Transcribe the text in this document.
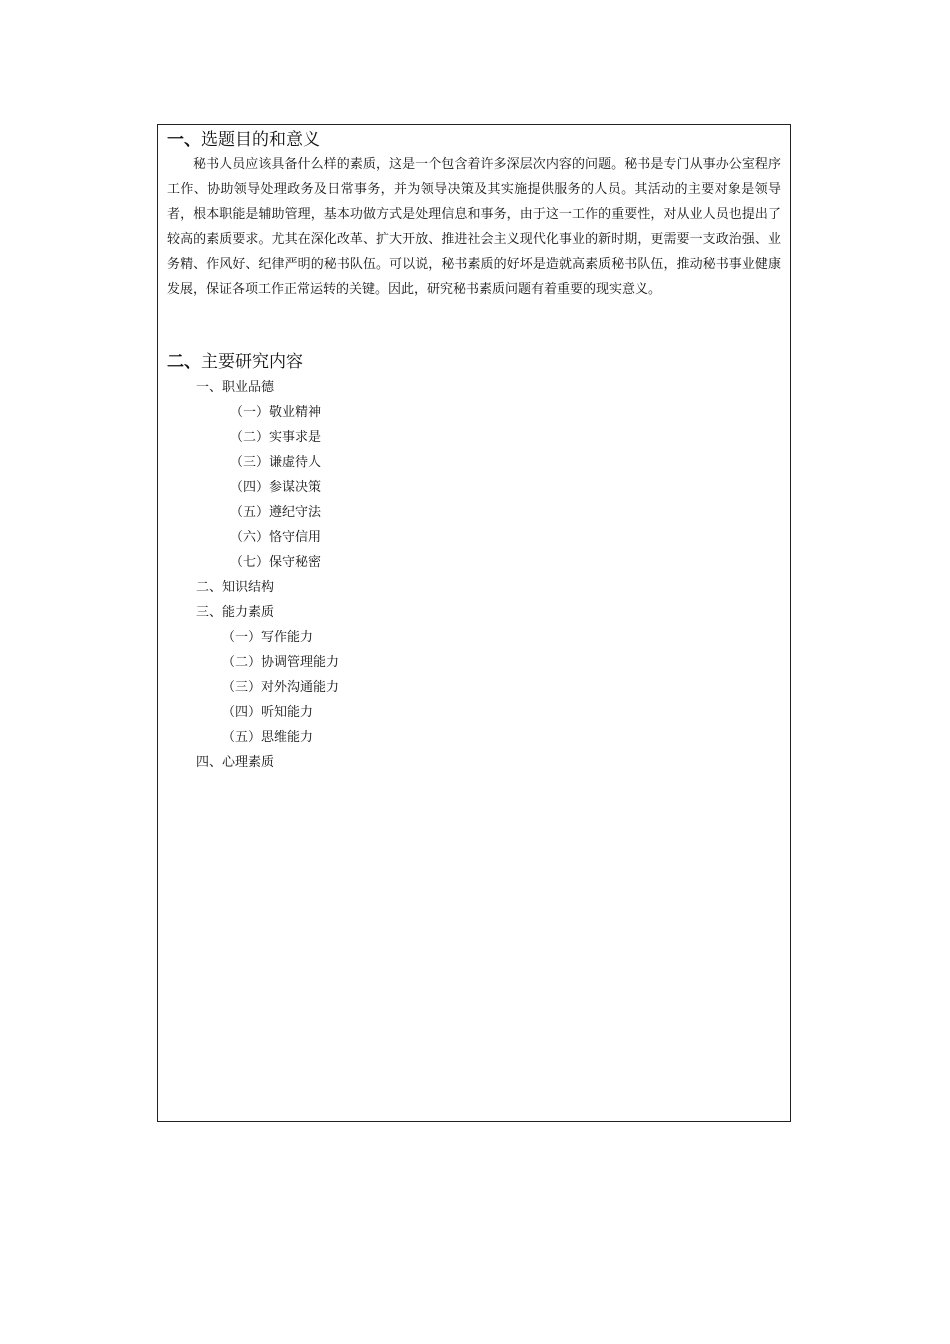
一、选题目的和意义

秘书人员应该具备什么样的素质，这是一个包含着许多深层次内容的问题。秘书是专门从事办公室程序工作、协助领导处理政务及日常事务，并为领导决策及其实施提供服务的人员。其活动的主要对象是领导者，根本职能是辅助管理，基本功做方式是处理信息和事务，由于这一工作的重要性，对从业人员也提出了较高的素质要求。尤其在深化改革、扩大开放、推进社会主义现代化事业的新时期，更需要一支政治强、业务精、作风好、纪律严明的秘书队伍。可以说，秘书素质的好坏是造就高素质秘书队伍，推动秘书事业健康发展，保证各项工作正常运转的关键。因此，研究秘书素质问题有着重要的现实意义。

二、主要研究内容
一、职业品德
（一）敬业精神
（二）实事求是
（三）谦虚待人
（四）参谋决策
（五）遵纪守法
（六）恪守信用
（七）保守秘密
二、知识结构
三、能力素质
（一）写作能力
（二）协调管理能力
（三）对外沟通能力
（四）听知能力
（五）思维能力
四、心理素质
